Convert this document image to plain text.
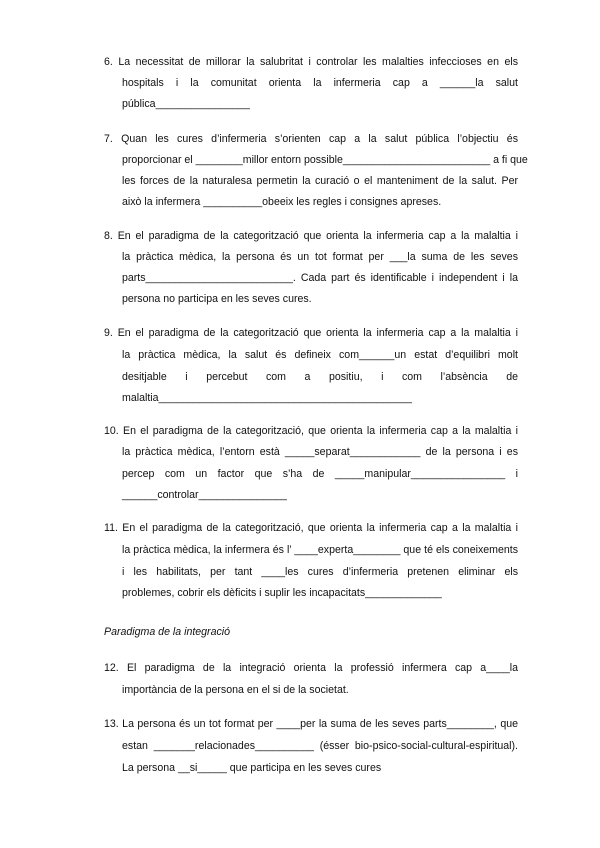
6. La necessitat de millorar la salubritat i controlar les malalties infeccioses en els
hospitals i la comunitat orienta la infermeria cap a ______la salut
pública________________
7. Quan les cures d’infermeria s’orienten cap a la salut pública l’objectiu és
proporcionar el ________millor entorn possible_________________________ a fi que
les forces de la naturalesa permetin la curació o el manteniment de la salut. Per
això la infermera __________obeeix les regles i consignes apreses.
8. En el paradigma de la categorització que orienta la infermeria cap a la malaltia i
la pràctica mèdica, la persona és un tot format per ___la suma de les seves
parts_________________________. Cada part és identificable i independent i la
persona no participa en les seves cures.
9. En el paradigma de la categorització que orienta la infermeria cap a la malaltia i
la pràctica mèdica, la salut és defineix com______un estat d’equilibri molt
desitjable i percebut com a positiu, i com l’absència de
malaltia___________________________________________
10. En el paradigma de la categorització, que orienta la infermeria cap a la malaltia i
la pràctica mèdica, l’entorn està _____separat____________ de la persona i es
percep com un factor que s’ha de _____manipular________________ i
______controlar_______________
11. En el paradigma de la categorització, que orienta la infermeria cap a la malaltia i
la pràctica mèdica, la infermera és l’ ____experta________ que té els coneixements
i les habilitats, per tant ____les cures d’infermeria pretenen eliminar els
problemes, cobrir els dèficits i suplir les incapacitats_____________
Paradigma de la integració
12. El paradigma de la integració orienta la professió infermera cap a____la
importància de la persona en el si de la societat.
13. La persona és un tot format per ____per la suma de les seves parts________, que
estan _______relacionades__________ (ésser bio-psico-social-cultural-espiritual).
La persona __si_____ que participa en les seves cures
